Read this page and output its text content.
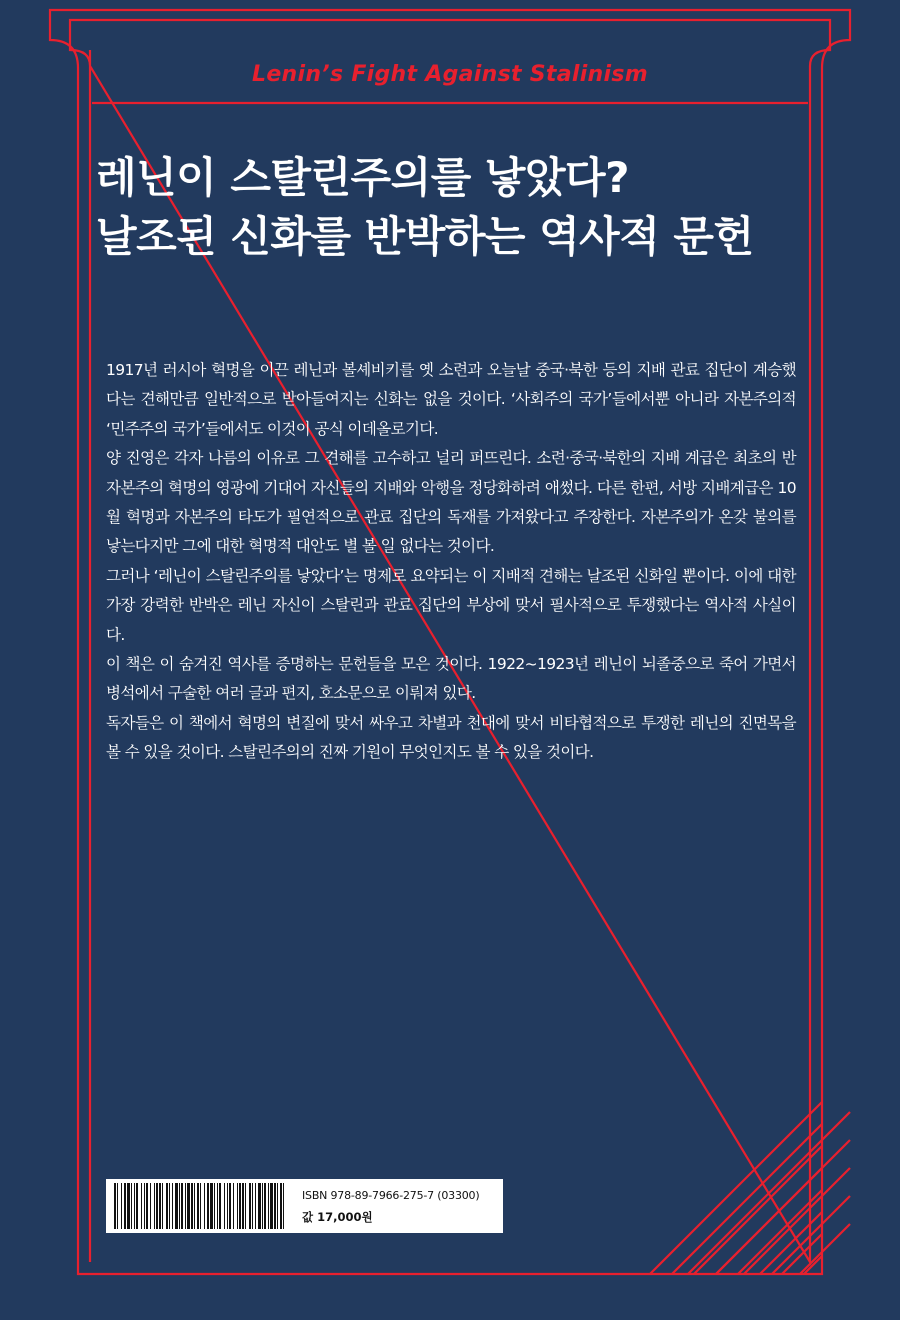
Lenin’s Fight Against Stalinism
레닌이 스탈린주의를 낳았다?
날조된 신화를 반박하는 역사적 문헌

1917년 러시아 혁명을 이끈 레닌과 볼셰비키를 옛 소련과 오늘날 중국·북한 등의 지배 관료 집단이 계승했다는 견해만큼 일반적으로 받아들여지는 신화는 없을 것이다. ‘사회주의 국가’들에서뿐 아니라 자본주의적 ‘민주주의 국가’들에서도 이것이 공식 이데올로기다.

양 진영은 각자 나름의 이유로 그 견해를 고수하고 널리 퍼뜨린다. 소련·중국·북한의 지배 계급은 최초의 반자본주의 혁명의 영광에 기대어 자신들의 지배와 악행을 정당화하려 애썼다. 다른 한편, 서방 지배계급은 10월 혁명과 자본주의 타도가 필연적으로 관료 집단의 독재를 가져왔다고 주장한다. 자본주의가 온갖 불의를 낳는다지만 그에 대한 혁명적 대안도 별 볼 일 없다는 것이다.

그러나 ‘레닌이 스탈린주의를 낳았다’는 명제로 요약되는 이 지배적 견해는 날조된 신화일 뿐이다. 이에 대한 가장 강력한 반박은 레닌 자신이 스탈린과 관료 집단의 부상에 맞서 필사적으로 투쟁했다는 역사적 사실이다.

이 책은 이 숨겨진 역사를 증명하는 문헌들을 모은 것이다. 1922~1923년 레닌이 뇌졸중으로 죽어 가면서 병석에서 구술한 여러 글과 편지, 호소문으로 이뤄져 있다.

독자들은 이 책에서 혁명의 변질에 맞서 싸우고 차별과 천대에 맞서 비타협적으로 투쟁한 레닌의 진면목을 볼 수 있을 것이다. 스탈린주의의 진짜 기원이 무엇인지도 볼 수 있을 것이다.

ISBN 978-89-7966-275-7 (03300)
값 17,000원
